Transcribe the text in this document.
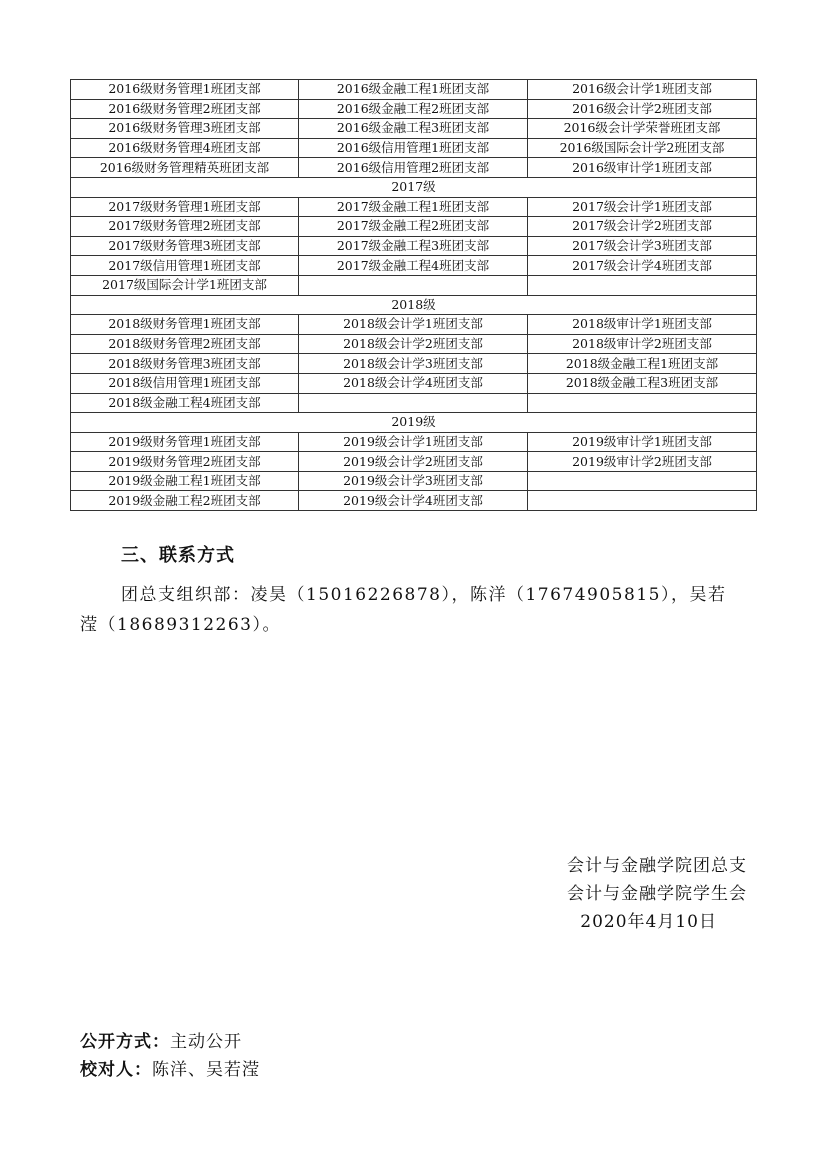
2016级财务管理1班团支部	2016级金融工程1班团支部	2016级会计学1班团支部
2016级财务管理2班团支部	2016级金融工程2班团支部	2016级会计学2班团支部
2016级财务管理3班团支部	2016级金融工程3班团支部	2016级会计学荣誉班团支部
2016级财务管理4班团支部	2016级信用管理1班团支部	2016级国际会计学2班团支部
2016级财务管理精英班团支部	2016级信用管理2班团支部	2016级审计学1班团支部
2017级		
2017级财务管理1班团支部	2017级金融工程1班团支部	2017级会计学1班团支部
2017级财务管理2班团支部	2017级金融工程2班团支部	2017级会计学2班团支部
2017级财务管理3班团支部	2017级金融工程3班团支部	2017级会计学3班团支部
2017级信用管理1班团支部	2017级金融工程4班团支部	2017级会计学4班团支部
2017级国际会计学1班团支部		
2018级		
2018级财务管理1班团支部	2018级会计学1班团支部	2018级审计学1班团支部
2018级财务管理2班团支部	2018级会计学2班团支部	2018级审计学2班团支部
2018级财务管理3班团支部	2018级会计学3班团支部	2018级金融工程1班团支部
2018级信用管理1班团支部	2018级会计学4班团支部	2018级金融工程3班团支部
2018级金融工程4班团支部		
2019级		
2019级财务管理1班团支部	2019级会计学1班团支部	2019级审计学1班团支部
2019级财务管理2班团支部	2019级会计学2班团支部	2019级审计学2班团支部
2019级金融工程1班团支部	2019级会计学3班团支部	
2019级金融工程2班团支部	2019级会计学4班团支部	
三、联系方式
团总支组织部：凌昊（15016226878），陈洋（17674905815），吴若
滢（18689312263）。
会计与金融学院团总支
会计与金融学院学生会
2020年4月10日
公开方式：主动公开
校对人：陈洋、吴若滢
